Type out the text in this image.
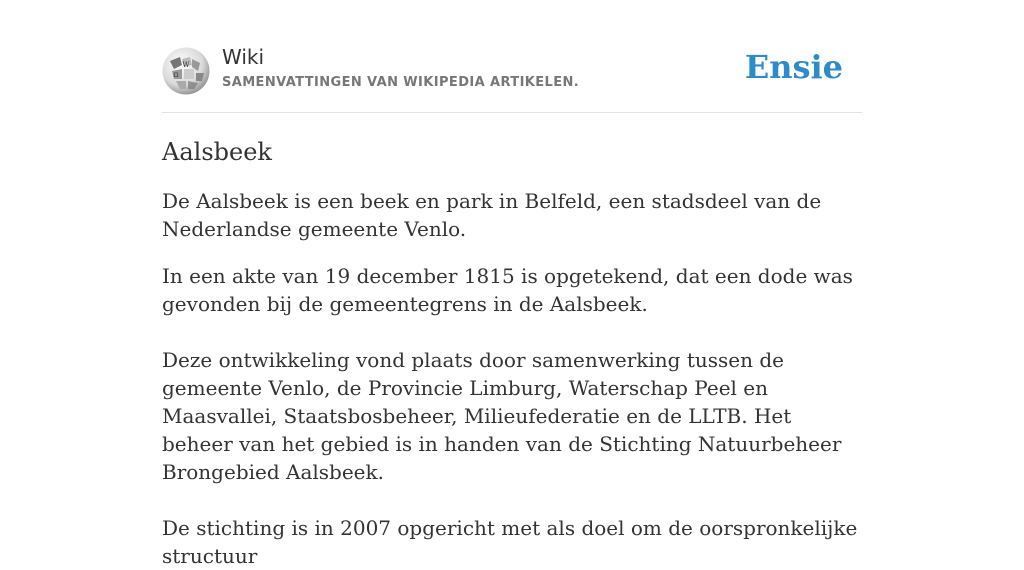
W
Ω
Wiki
SAMENVATTINGEN VAN WIKIPEDIA ARTIKELEN.	Ensie
Aalsbeek

De Aalsbeek is een beek en park in Belfeld, een stadsdeel van de Nederlandse gemeente Venlo.

In een akte van 19 december 1815 is opgetekend, dat een dode was gevonden bij de gemeentegrens in de Aalsbeek.

Deze ontwikkeling vond plaats door samenwerking tussen de gemeente Venlo, de Provincie Limburg, Waterschap Peel en Maasvallei, Staatsbosbeheer, Milieufederatie en de LLTB. Het beheer van het gebied is in handen van de Stichting Natuurbeheer Brongebied Aalsbeek.

De stichting is in 2007 opgericht met als doel om de oorspronkelijke structuur
